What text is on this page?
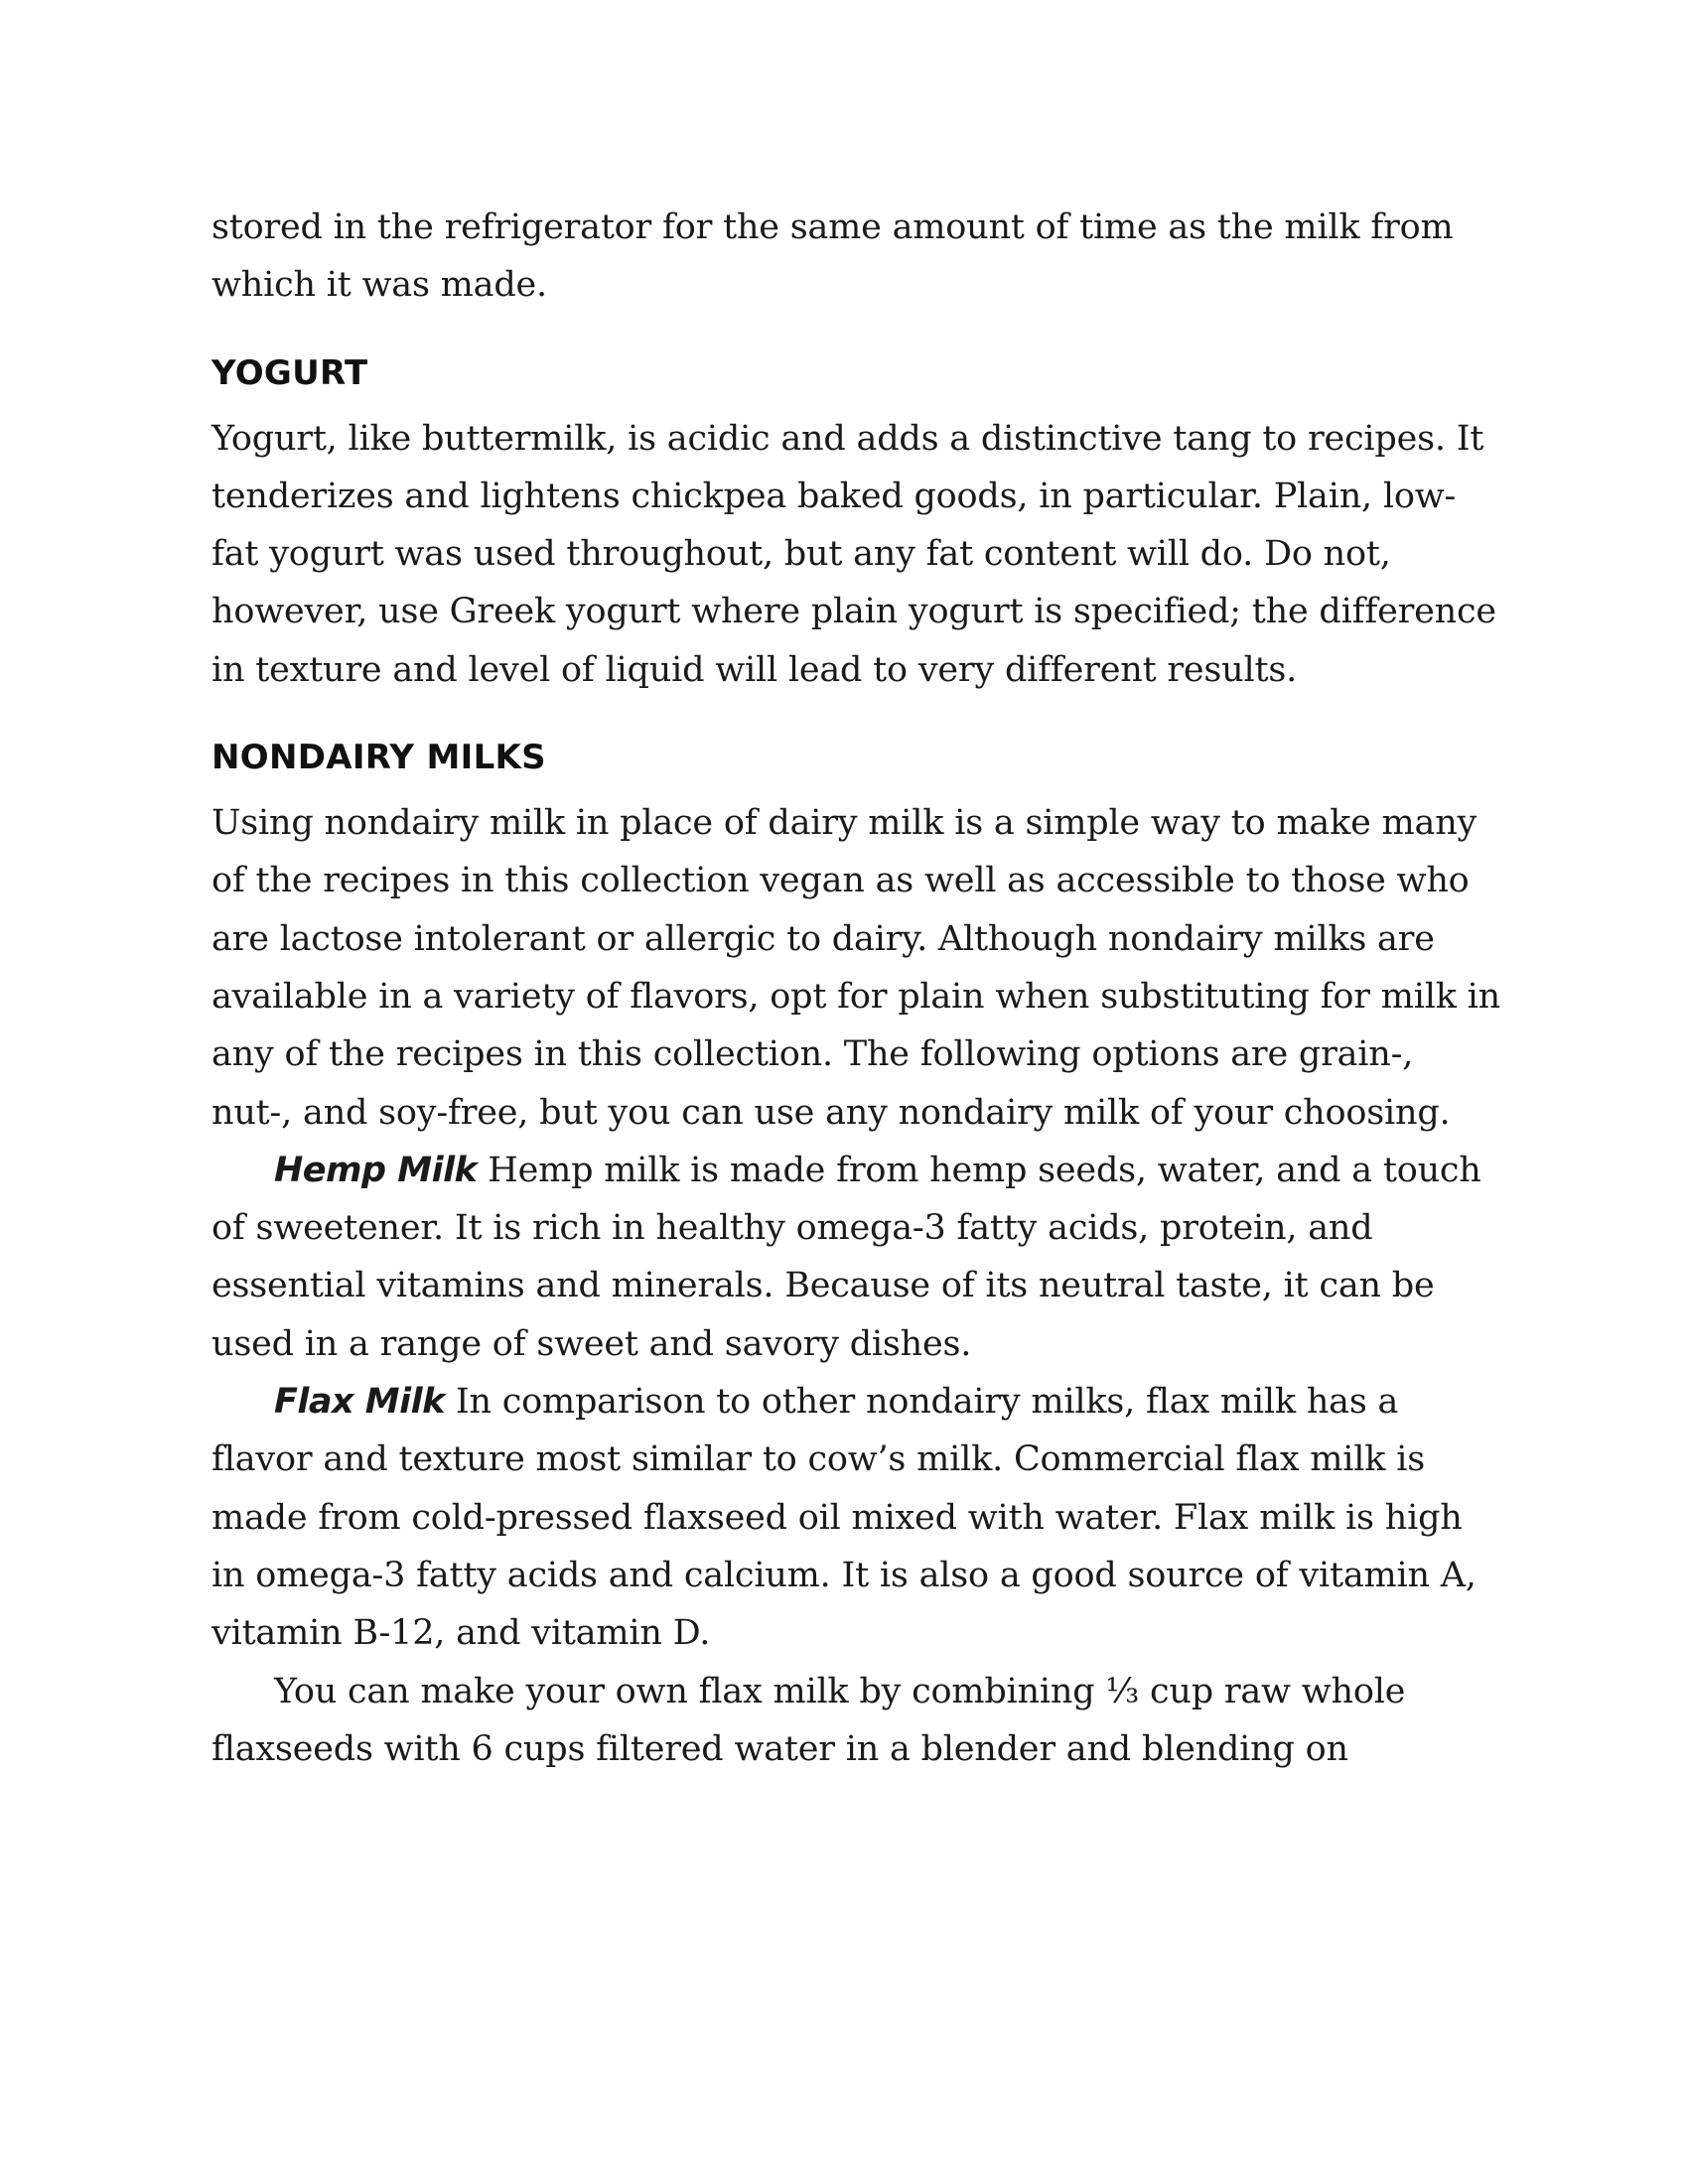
stored in the refrigerator for the same amount of time as the milk from which it was made.

YOGURT

Yogurt, like buttermilk, is acidic and adds a distinctive tang to recipes. It tenderizes and lightens chickpea baked goods, in particular. Plain, low-fat yogurt was used throughout, but any fat content will do. Do not, however, use Greek yogurt where plain yogurt is specified; the difference in texture and level of liquid will lead to very different results.

NONDAIRY MILKS

Using nondairy milk in place of dairy milk is a simple way to make many of the recipes in this collection vegan as well as accessible to those who are lactose intolerant or allergic to dairy. Although nondairy milks are available in a variety of flavors, opt for plain when substituting for milk in any of the recipes in this collection. The following options are grain-, nut-, and soy-free, but you can use any nondairy milk of your choosing.

Hemp Milk Hemp milk is made from hemp seeds, water, and a touch of sweetener. It is rich in healthy omega-3 fatty acids, protein, and essential vitamins and minerals. Because of its neutral taste, it can be used in a range of sweet and savory dishes.

Flax Milk In comparison to other nondairy milks, flax milk has a flavor and texture most similar to cow’s milk. Commercial flax milk is made from cold-pressed flaxseed oil mixed with water. Flax milk is high in omega-3 fatty acids and calcium. It is also a good source of vitamin A, vitamin B-12, and vitamin D.

You can make your own flax milk by combining ⅓ cup raw whole flaxseeds with 6 cups filtered water in a blender and blending on
